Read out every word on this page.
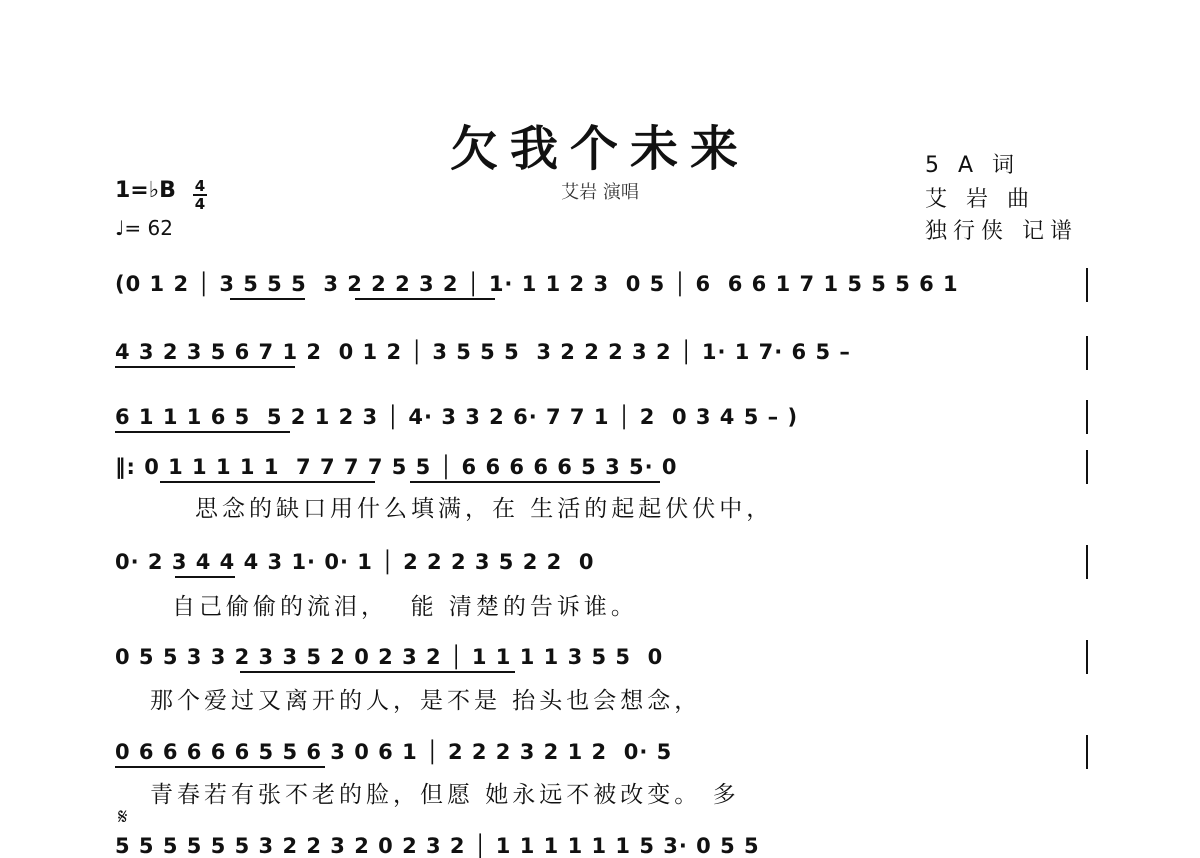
欠我个未来
艾岩 演唱
5 A 词
艾 岩 曲
独行侠 记谱
1=♭B 4
4
♩= 62
(0 1 2 │ 3 5 5 5  3 2 2 2 3 2 │ 1· 1 1 2 3  0 5 │ 6  6 6 1 7 1 5 5 5 6 1
4 3 2 3 5 6 7 1 2  0 1 2 │ 3 5 5 5  3 2 2 2 3 2 │ 1· 1 7· 6 5 –
6 1 1 1 6 5  5 2 1 2 3 │ 4· 3 3 2 6· 7 7 1 │ 2  0 3 4 5 – )
‖: 0 1 1 1 1 1  7 7 7 7 5 5 │ 6 6 6 6 6 5 3 5· 0
思念的缺口用什么填满，在 生活的起起伏伏中，
0· 2 3 4 4 4 3 1· 0· 1 │ 2 2 2 3 5 2 2  0
自己偷偷的流泪，  能 清楚的告诉谁。
0 5 5 3 3 2 3 3 5 2 0 2 3 2 │ 1 1 1 1 3 5 5  0
那个爱过又离开的人，是不是 抬头也会想念，
0 6 6 6 6 6 5 5 6 3 0 6 1 │ 2 2 2 3 2 1 2  0· 5
青春若有张不老的脸，但愿 她永远不被改变。 多
𝄋
5 5 5 5 5 5 3 2 2 3 2 0 2 3 2 │ 1 1 1 1 1 1 5 3· 0 5 5
